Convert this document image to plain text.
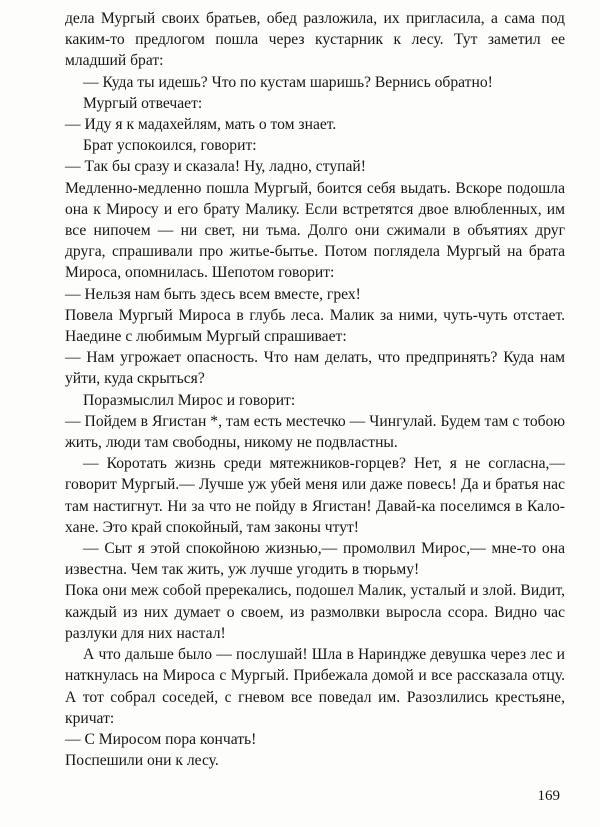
дела Мургый своих братьев, обед разложила, их пригласила, а сама под каким-то предлогом пошла через кустарник к лесу. Тут заметил ее младший брат:

— Куда ты идешь? Что по кустам шаришь? Вернись обратно!

Мургый отвечает:

— Иду я к мадахейлям, мать о том знает.

Брат успокоился, говорит:

— Так бы сразу и сказала! Ну, ладно, ступай!

Медленно-медленно пошла Мургый, боится себя выдать. Вскоре подошла она к Миросу и его брату Малику. Если встретятся двое влюбленных, им все нипочем — ни свет, ни тьма. Долго они сжимали в объятиях друг друга, спрашивали про житье-бытье. Потом поглядела Мургый на брата Мироса, опомнилась. Шепотом говорит:

— Нельзя нам быть здесь всем вместе, грех!

Повела Мургый Мироса в глубь леса. Малик за ними, чуть-чуть отстает. Наедине с любимым Мургый спрашивает:

— Нам угрожает опасность. Что нам делать, что предпринять? Куда нам уйти, куда скрыться?

Поразмыслил Мирос и говорит:

— Пойдем в Ягистан *, там есть местечко — Чингулай. Будем там с тобою жить, люди там свободны, никому не подвластны.

— Коротать жизнь среди мятежников-горцев? Нет, я не согласна,— говорит Мургый.— Лучше уж убей меня или даже повесь! Да и братья нас там настигнут. Ни за что не пойду в Ягистан! Давай-ка поселимся в Кало-хане. Это край спокойный, там законы чтут!

— Сыт я этой спокойною жизнью,— промолвил Мирос,— мне-то она известна. Чем так жить, уж лучше угодить в тюрьму!

Пока они меж собой пререкались, подошел Малик, усталый и злой. Видит, каждый из них думает о своем, из размолвки выросла ссора. Видно час разлуки для них настал!

А что дальше было — послушай! Шла в Нариндже девушка через лес и наткнулась на Мироса с Мургый. Прибежала домой и все рассказала отцу. А тот собрал соседей, с гневом все поведал им. Разозлились крестьяне, кричат:

— С Миросом пора кончать!

Поспешили они к лесу.

169
